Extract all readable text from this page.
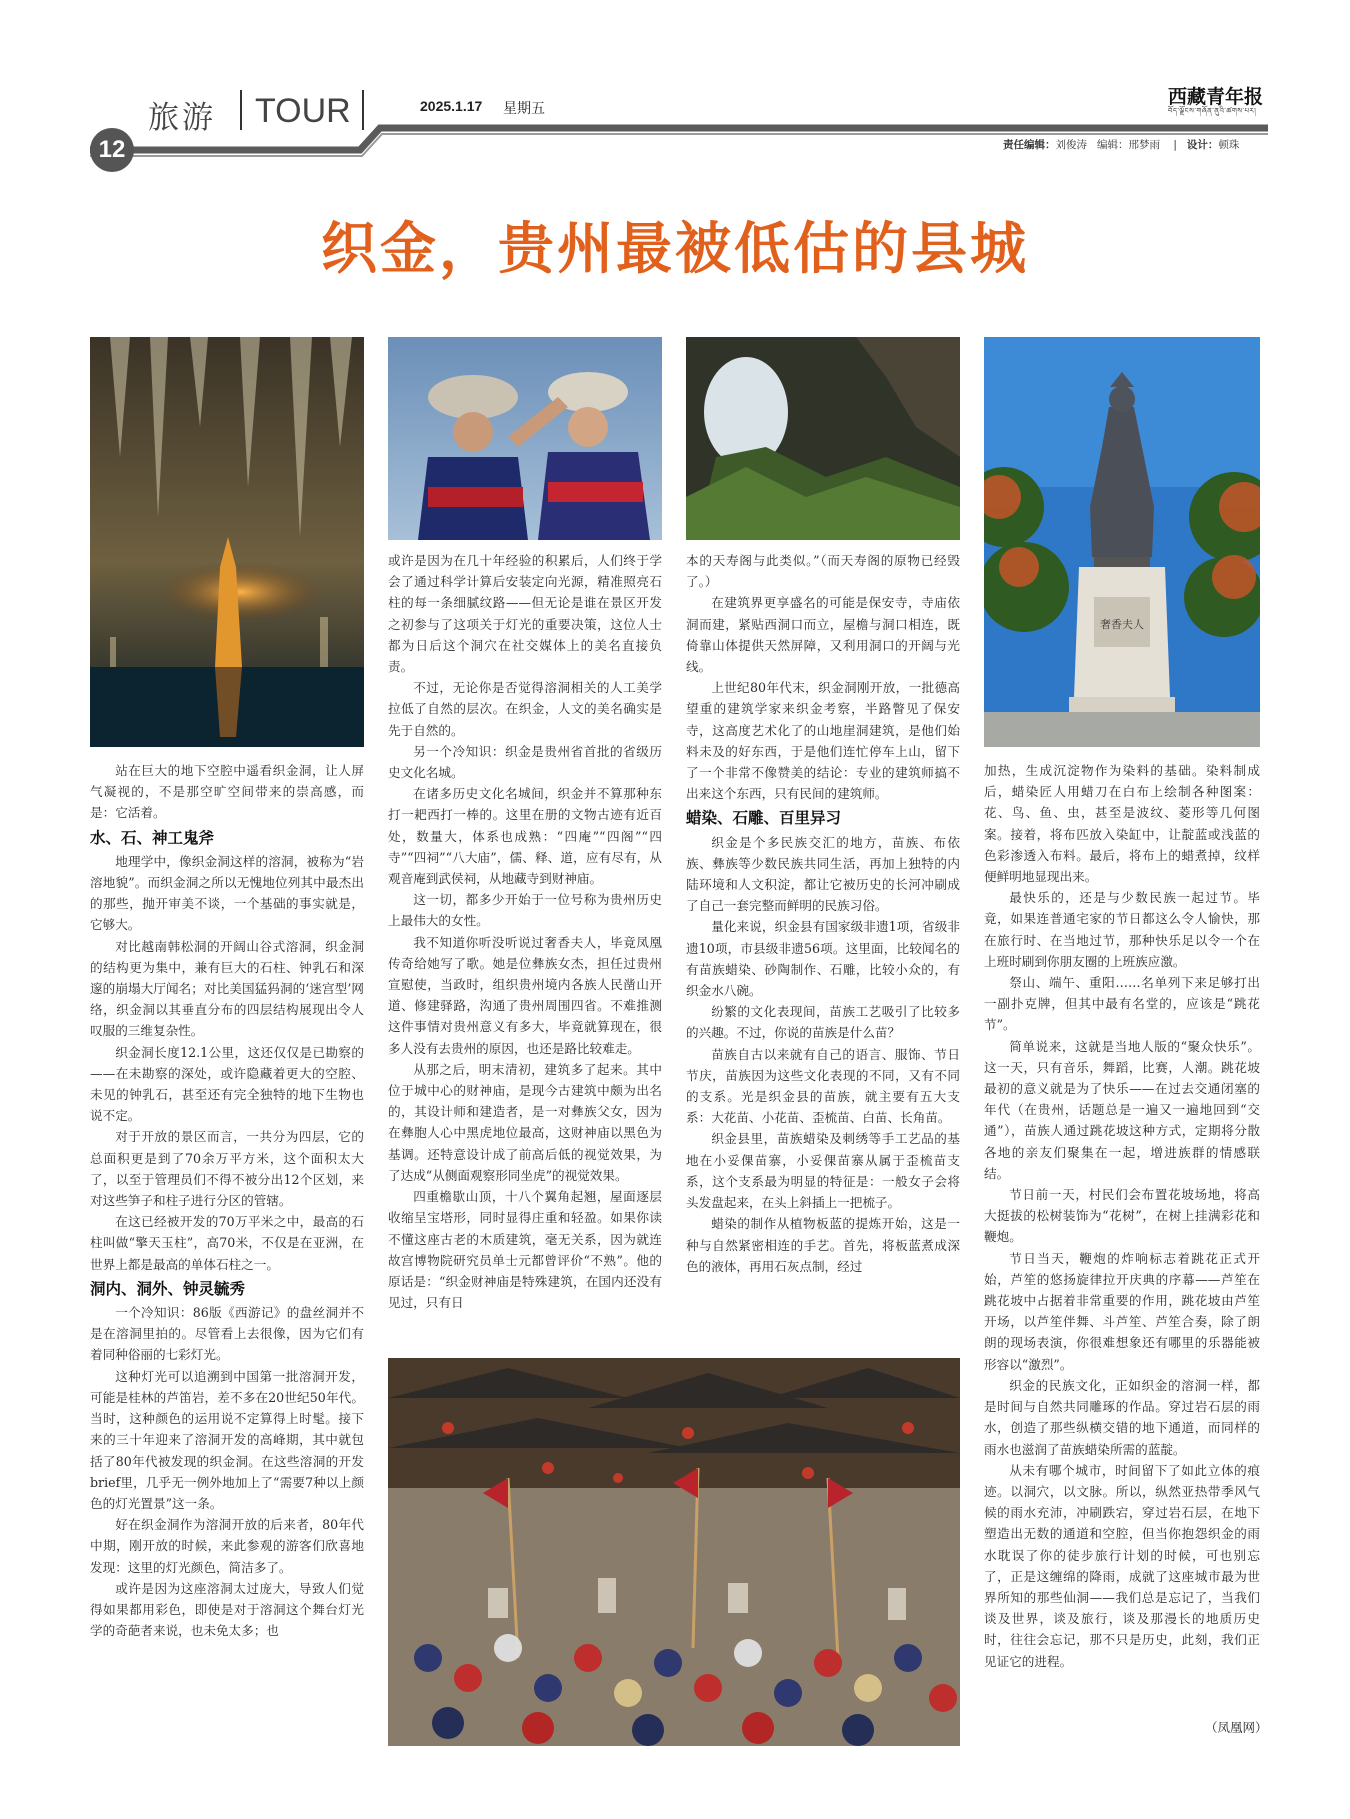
旅游 TOUR	2025.1.17 星期五
西藏青年报
བོད་ལྗོངས་གཞོན་ནུའི་ཚགས་པར།
12	责任编辑：刘俊涛 编辑：邢梦雨    |   设计：顿珠
织金，贵州最被低估的县城
奢香夫人

站在巨大的地下空腔中遥看织金洞，让人屏气凝视的，不是那空旷空间带来的崇高感，而是：它活着。

水、石、神工鬼斧

地理学中，像织金洞这样的溶洞，被称为“岩溶地貌”。而织金洞之所以无愧地位列其中最杰出的那些，抛开审美不谈，一个基础的事实就是，它够大。

对比越南韩松洞的开阔山谷式溶洞，织金洞的结构更为集中，兼有巨大的石柱、钟乳石和深邃的崩塌大厅闻名；对比美国猛犸洞的‘迷宫型’网络，织金洞以其垂直分布的四层结构展现出令人叹服的三维复杂性。

织金洞长度12.1公里，这还仅仅是已勘察的——在未勘察的深处，或许隐藏着更大的空腔、未见的钟乳石，甚至还有完全独特的地下生物也说不定。

对于开放的景区而言，一共分为四层，它的总面积更是到了70余万平方米，这个面积太大了，以至于管理员们不得不被分出12个区划，来对这些笋子和柱子进行分区的管辖。

在这已经被开发的70万平米之中，最高的石柱叫做“擎天玉柱”，高70米，不仅是在亚洲，在世界上都是最高的单体石柱之一。

洞内、洞外、钟灵毓秀

一个冷知识：86版《西游记》的盘丝洞并不是在溶洞里拍的。尽管看上去很像，因为它们有着同种俗丽的七彩灯光。

这种灯光可以追溯到中国第一批溶洞开发，可能是桂林的芦笛岩，差不多在20世纪50年代。当时，这种颜色的运用说不定算得上时髦。接下来的三十年迎来了溶洞开发的高峰期，其中就包括了80年代被发现的织金洞。在这些溶洞的开发brief里，几乎无一例外地加上了“需要7种以上颜色的灯光置景”这一条。

好在织金洞作为溶洞开放的后来者，80年代中期，刚开放的时候，来此参观的游客们欣喜地发现：这里的灯光颜色，简洁多了。

或许是因为这座溶洞太过庞大，导致人们觉得如果都用彩色，即使是对于溶洞这个舞台灯光学的奇葩者来说，也未免太多；也

或许是因为在几十年经验的积累后，人们终于学会了通过科学计算后安装定向光源，精准照亮石柱的每一条细腻纹路——但无论是谁在景区开发之初参与了这项关于灯光的重要决策，这位人士都为日后这个洞穴在社交媒体上的美名直接负责。

不过，无论你是否觉得溶洞相关的人工美学拉低了自然的层次。在织金，人文的美名确实是先于自然的。

另一个冷知识：织金是贵州省首批的省级历史文化名城。

在诸多历史文化名城间，织金并不算那种东打一耙西打一棒的。这里在册的文物古迹有近百处，数量大，体系也成熟：“四庵”“四阁”“四寺”“四祠”“八大庙”，儒、释、道，应有尽有，从观音庵到武侯祠，从地藏寺到财神庙。

这一切，都多少开始于一位号称为贵州历史上最伟大的女性。

我不知道你听没听说过奢香夫人，毕竟凤凰传奇给她写了歌。她是位彝族女杰，担任过贵州宣慰使，当政时，组织贵州境内各族人民凿山开道、修建驿路，沟通了贵州周围四省。不难推测这件事情对贵州意义有多大，毕竟就算现在，很多人没有去贵州的原因，也还是路比较难走。

从那之后，明末清初，建筑多了起来。其中位于城中心的财神庙，是现今古建筑中颇为出名的，其设计师和建造者，是一对彝族父女，因为在彝胞人心中黑虎地位最高，这财神庙以黑色为基调。还特意设计成了前高后低的视觉效果，为了达成“从侧面观察形同坐虎”的视觉效果。

四重檐歇山顶，十八个翼角起翘，屋面逐层收缩呈宝塔形，同时显得庄重和轻盈。如果你读不懂这座古老的木质建筑，毫无关系，因为就连故宫博物院研究员单士元都曾评价“不熟”。他的原话是：“织金财神庙是特殊建筑，在国内还没有见过，只有日

本的天寿阁与此类似。”（而天寿阁的原物已经毁了。）

在建筑界更享盛名的可能是保安寺，寺庙依洞而建，紧贴西洞口而立，屋檐与洞口相连，既倚靠山体提供天然屏障，又利用洞口的开阔与光线。

上世纪80年代末，织金洞刚开放，一批德高望重的建筑学家来织金考察，半路瞥见了保安寺，这高度艺术化了的山地崖洞建筑，是他们始料未及的好东西，于是他们连忙停车上山，留下了一个非常不像赞美的结论：专业的建筑师搞不出来这个东西，只有民间的建筑师。

蜡染、石雕、百里异习

织金是个多民族交汇的地方，苗族、布依族、彝族等少数民族共同生活，再加上独特的内陆环境和人文积淀，都让它被历史的长河冲刷成了自己一套完整而鲜明的民族习俗。

量化来说，织金县有国家级非遗1项，省级非遗10项，市县级非遗56项。这里面，比较闻名的有苗族蜡染、砂陶制作、石雕，比较小众的，有织金水八碗。

纷繁的文化表现间，苗族工艺吸引了比较多的兴趣。不过，你说的苗族是什么苗？

苗族自古以来就有自己的语言、服饰、节日节庆，苗族因为这些文化表现的不同，又有不同的支系。光是织金县的苗族，就主要有五大支系：大花苗、小花苗、歪梳苗、白苗、长角苗。

织金县里，苗族蜡染及刺绣等手工艺品的基地在小妥倮苗寨，小妥倮苗寨从属于歪梳苗支系，这个支系最为明显的特征是：一般女子会将头发盘起来，在头上斜插上一把梳子。

蜡染的制作从植物板蓝的提炼开始，这是一种与自然紧密相连的手艺。首先，将板蓝煮成深色的液体，再用石灰点制，经过

加热，生成沉淀物作为染料的基础。染料制成后，蜡染匠人用蜡刀在白布上绘制各种图案：花、鸟、鱼、虫，甚至是波纹、菱形等几何图案。接着，将布匹放入染缸中，让靛蓝或浅蓝的色彩渗透入布料。最后，将布上的蜡煮掉，纹样便鲜明地显现出来。

最快乐的，还是与少数民族一起过节。毕竟，如果连普通宅家的节日都这么令人愉快，那在旅行时、在当地过节，那种快乐足以令一个在上班时刷到你朋友圈的上班族应激。

祭山、端午、重阳……名单列下来足够打出一副扑克牌，但其中最有名堂的，应该是“跳花节”。

简单说来，这就是当地人版的“聚众快乐”。这一天，只有音乐，舞蹈，比赛，人潮。跳花坡最初的意义就是为了快乐——在过去交通闭塞的年代（在贵州，话题总是一遍又一遍地回到“交通”），苗族人通过跳花坡这种方式，定期将分散各地的亲友们聚集在一起，增进族群的情感联结。

节日前一天，村民们会布置花坡场地，将高大挺拔的松树装饰为“花树”，在树上挂满彩花和鞭炮。

节日当天，鞭炮的炸响标志着跳花正式开始，芦笙的悠扬旋律拉开庆典的序幕——芦笙在跳花坡中占据着非常重要的作用，跳花坡由芦笙开场，以芦笙伴舞、斗芦笙、芦笙合奏，除了朗朗的现场表演，你很难想象还有哪里的乐器能被形容以“激烈”。

织金的民族文化，正如织金的溶洞一样，都是时间与自然共同雕琢的作品。穿过岩石层的雨水，创造了那些纵横交错的地下通道，而同样的雨水也滋润了苗族蜡染所需的蓝靛。

从未有哪个城市，时间留下了如此立体的痕迹。以洞穴，以文脉。所以，纵然亚热带季风气候的雨水充沛，冲刷跌宕，穿过岩石层，在地下塑造出无数的通道和空腔，但当你抱怨织金的雨水耽误了你的徒步旅行计划的时候，可也别忘了，正是这缠绵的降雨，成就了这座城市最为世界所知的那些仙洞——我们总是忘记了，当我们谈及世界，谈及旅行，谈及那漫长的地质历史时，往往会忘记，那不只是历史，此刻，我们正见证它的进程。

（凤凰网）
